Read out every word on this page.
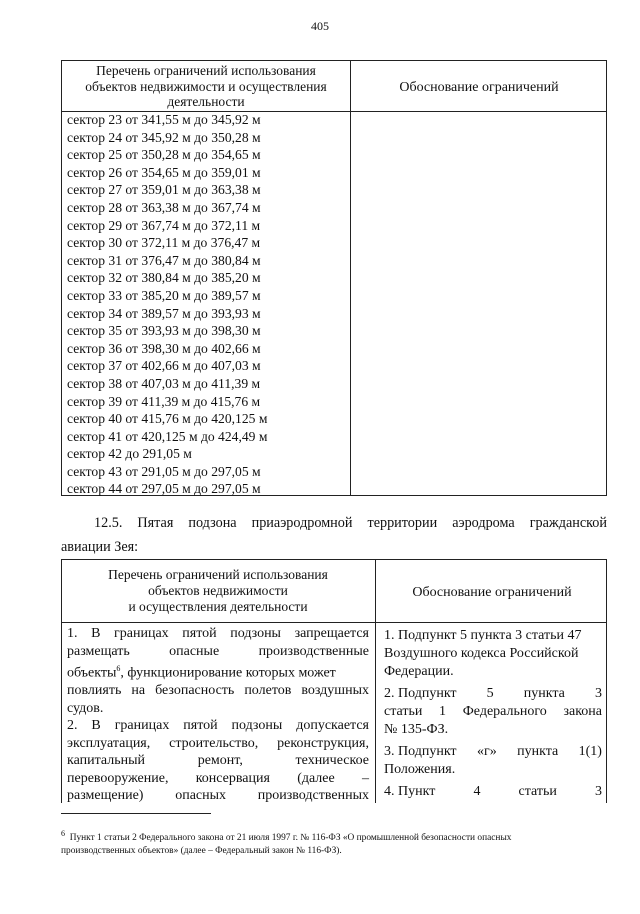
405
Перечень ограничений использования
объектов недвижимости и осуществления
деятельности
Обоснование ограничений
сектор 23 от 341,55 м до 345,92 м
сектор 24 от 345,92 м до 350,28 м
сектор 25 от 350,28 м до 354,65 м
сектор 26 от 354,65 м до 359,01 м
сектор 27 от 359,01 м до 363,38 м
сектор 28 от 363,38 м до 367,74 м
сектор 29 от 367,74 м до 372,11 м
сектор 30 от 372,11 м до 376,47 м
сектор 31 от 376,47 м до 380,84 м
сектор 32 от 380,84 м до 385,20 м
сектор 33 от 385,20 м до 389,57 м
сектор 34 от 389,57 м до 393,93 м
сектор 35 от 393,93 м до 398,30 м
сектор 36 от 398,30 м до 402,66 м
сектор 37 от 402,66 м до 407,03 м
сектор 38 от 407,03 м до 411,39 м
сектор 39 от 411,39 м до 415,76 м
сектор 40 от 415,76 м до 420,125 м
сектор 41 от 420,125 м до 424,49 м
сектор 42 до 291,05 м
сектор 43 от 291,05 м до 297,05 м
сектор 44 от 297,05 м до 297,05 м
12.5. Пятая подзона приаэродромной территории аэродрома гражданской
авиации Зея:
Перечень ограничений использования
объектов недвижимости
и осуществления деятельности
Обоснование ограничений
1. В границах пятой подзоны запрещается
размещать	опасные	производственные
объекты$^6$, функционирование которых может
повлиять на безопасность полетов воздушных
судов.
2. В границах пятой подзоны допускается
эксплуатация, строительство, реконструкция,
капитальный	ремонт,	техническое
перевооружение, консервация (далее –
размещение) опасных производственных
1. Подпункт 5 пункта 3 статьи 47
Воздушного кодекса Российской
Федерации.
2. Подпункт 5 пункта 3
статьи 1 Федерального закона
№ 135-ФЗ.
3. Подпункт «г» пункта 1(1)
Положения.
4. Пункт	4	статьи	3
$^6$ Пункт 1 статьи 2 Федерального закона от 21 июля 1997 г. № 116-ФЗ «О промышленной безопасности опасных
производственных объектов» (далее – Федеральный закон № 116-ФЗ).
